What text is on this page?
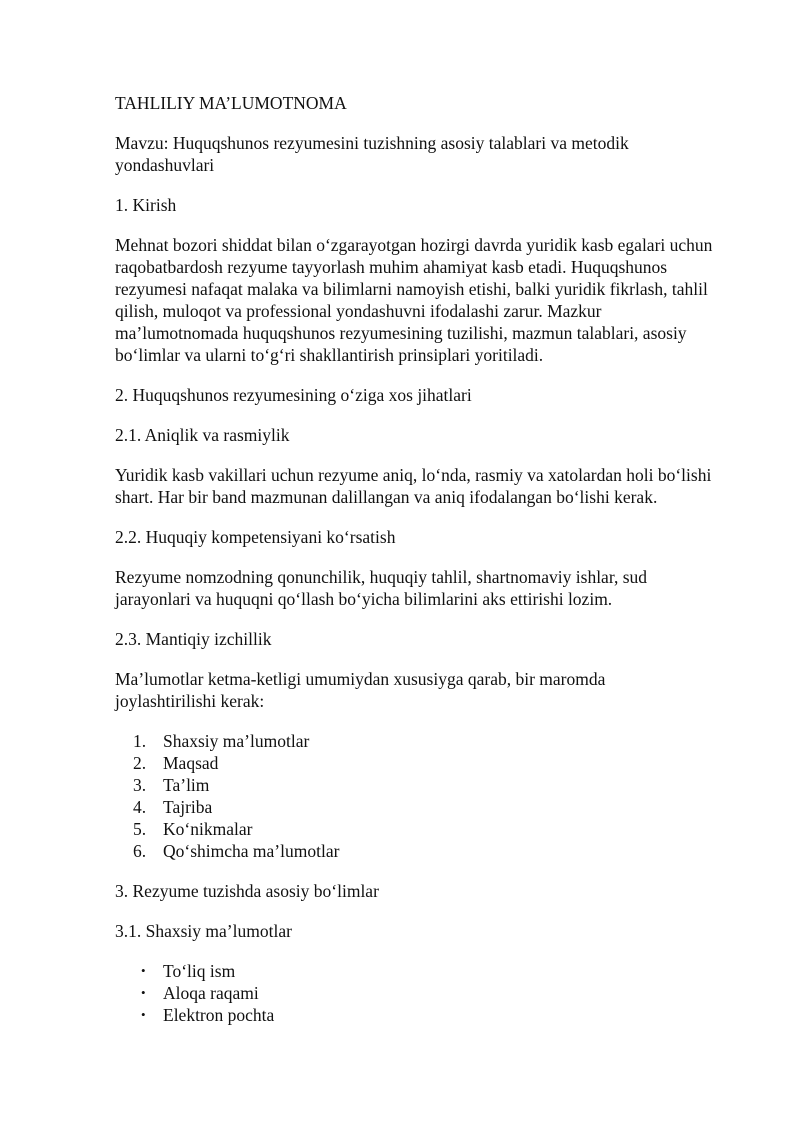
TAHLILIY MA’LUMOTNOMA

Mavzu: Huquqshunos rezyumesini tuzishning asosiy talablari va metodik yondashuvlari

1. Kirish

Mehnat bozori shiddat bilan o‘zgarayotgan hozirgi davrda yuridik kasb egalari uchun raqobatbardosh rezyume tayyorlash muhim ahamiyat kasb etadi. Huquqshunos rezyumesi nafaqat malaka va bilimlarni namoyish etishi, balki yuridik fikrlash, tahlil qilish, muloqot va professional yondashuvni ifodalashi zarur. Mazkur ma’lumotnomada huquqshunos rezyumesining tuzilishi, mazmun talablari, asosiy bo‘limlar va ularni to‘g‘ri shakllantirish prinsiplari yoritiladi.

2. Huquqshunos rezyumesining o‘ziga xos jihatlari

2.1. Aniqlik va rasmiylik

Yuridik kasb vakillari uchun rezyume aniq, lo‘nda, rasmiy va xatolardan holi bo‘lishi shart. Har bir band mazmunan dalillangan va aniq ifodalangan bo‘lishi kerak.

2.2. Huquqiy kompetensiyani ko‘rsatish

Rezyume nomzodning qonunchilik, huquqiy tahlil, shartnomaviy ishlar, sud jarayonlari va huquqni qo‘llash bo‘yicha bilimlarini aks ettirishi lozim.

2.3. Mantiqiy izchillik

Ma’lumotlar ketma-ketligi umumiydan xususiyga qarab, bir maromda joylashtirilishi kerak:

1. Shaxsiy ma’lumotlar
2. Maqsad
3. Ta’lim
4. Tajriba
5. Ko‘nikmalar
6. Qo‘shimcha ma’lumotlar

3. Rezyume tuzishda asosiy bo‘limlar

3.1. Shaxsiy ma’lumotlar

• To‘liq ism
• Aloqa raqami
• Elektron pochta
